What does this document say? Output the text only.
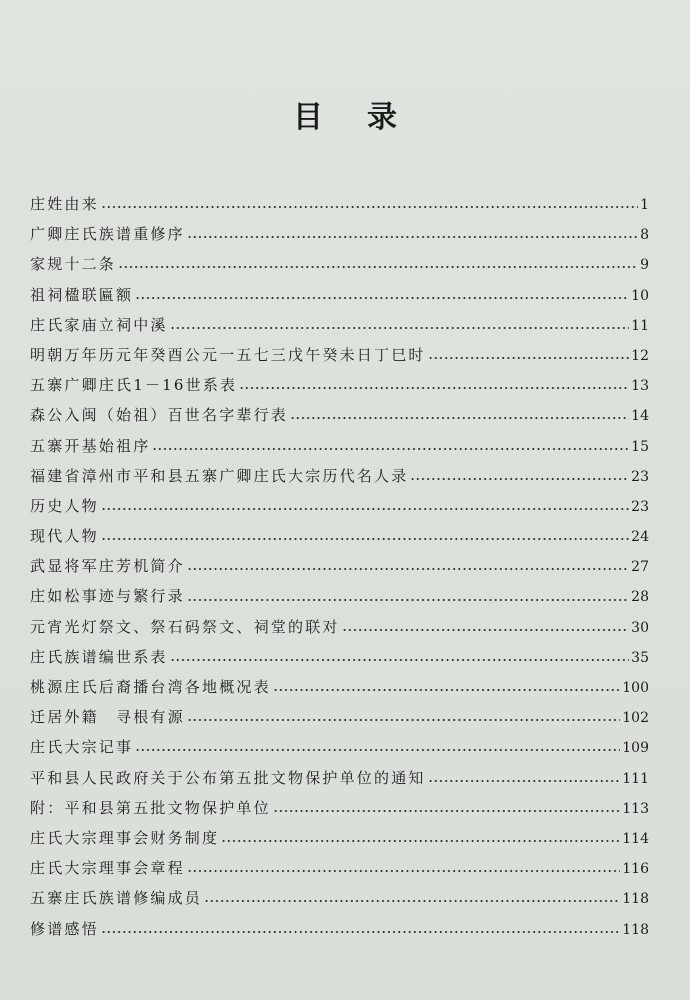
目录
庄姓由来	1
广卿庄氏族谱重修序	8
家规十二条	9
祖祠楹联匾额	10
庄氏家庙立祠中溪	11
明朝万年历元年癸酉公元一五七三戊午癸未日丁巳时	12
五寨广卿庄氏1－16世系表	13
森公入闽（始祖）百世名字辈行表	14
五寨开基始祖序	15
福建省漳州市平和县五寨广卿庄氏大宗历代名人录	23
历史人物	23
现代人物	24
武显将军庄芳机简介	27
庄如松事迹与繁行录	28
元宵光灯祭文、祭石码祭文、祠堂的联对	30
庄氏族谱编世系表	35
桃源庄氏后裔播台湾各地概况表	100
迁居外籍　寻根有源	102
庄氏大宗记事	109
平和县人民政府关于公布第五批文物保护单位的通知	111
附：平和县第五批文物保护单位	113
庄氏大宗理事会财务制度	114
庄氏大宗理事会章程	116
五寨庄氏族谱修编成员	118
修谱感悟	118
